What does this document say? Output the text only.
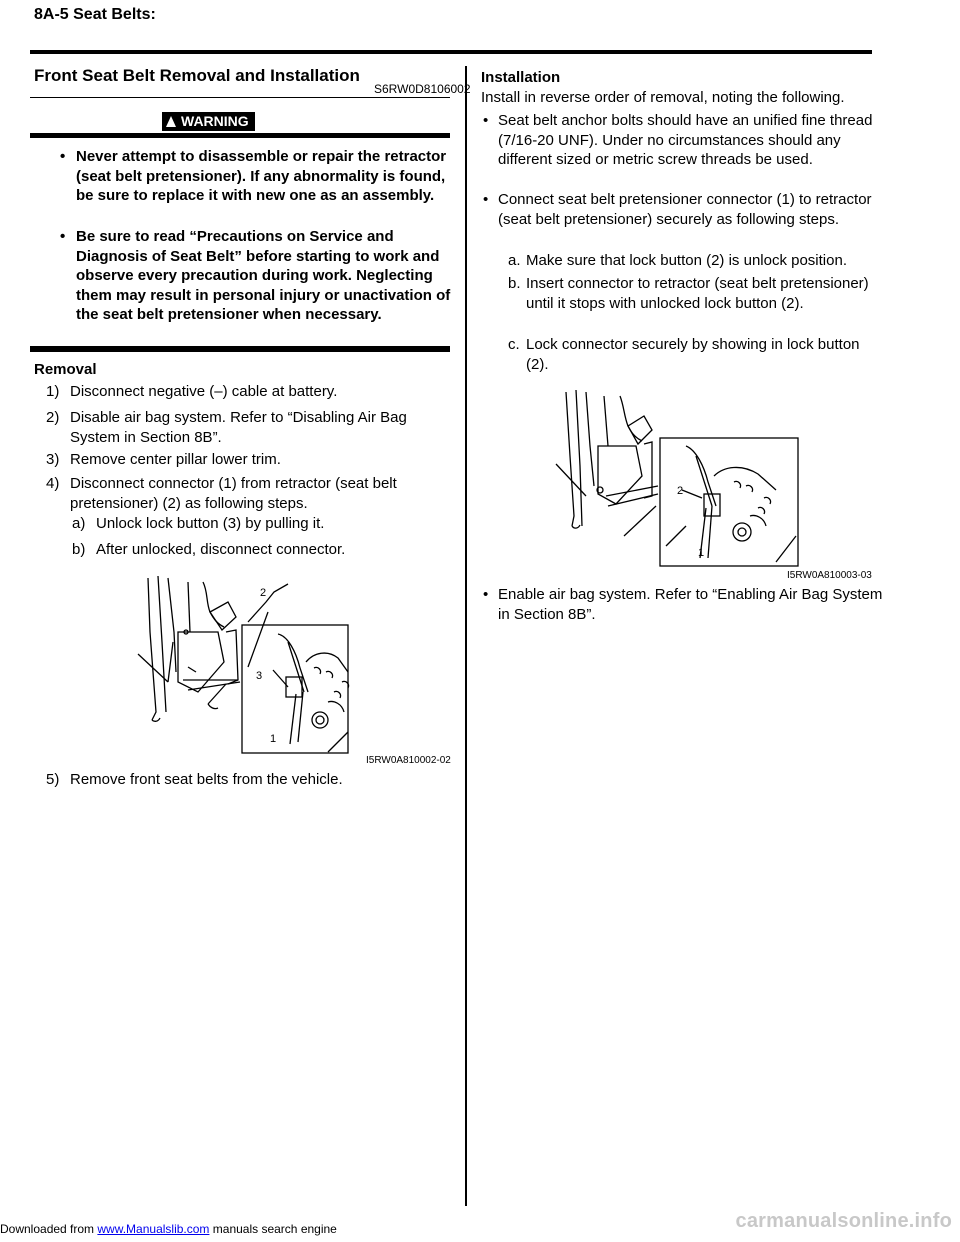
8A-5 Seat Belts:
Front Seat Belt Removal and Installation
S6RW0D8106002
WARNING
• Never attempt to disassemble or repair the retractor (seat belt pretensioner). If any abnormality is found, be sure to replace it with new one as an assembly.
• Be sure to read “Precautions on Service and Diagnosis of Seat Belt” before starting to work and observe every precaution during work. Neglecting them may result in personal injury or unactivation of the seat belt pretensioner when necessary.
Removal
1) Disconnect negative (–) cable at battery.
2) Disable air bag system. Refer to “Disabling Air Bag System in Section 8B”.
3) Remove center pillar lower trim.
4) Disconnect connector (1) from retractor (seat belt pretensioner) (2) as following steps.
a) Unlock lock button (3) by pulling it.
b) After unlocked, disconnect connector.
2
3
1
I5RW0A810002-02
5) Remove front seat belts from the vehicle.
Installation
Install in reverse order of removal, noting the following.
• Seat belt anchor bolts should have an unified fine thread (7/16-20 UNF). Under no circumstances should any different sized or metric screw threads be used.
• Connect seat belt pretensioner connector (1) to retractor (seat belt pretensioner) securely as following steps.
a. Make sure that lock button (2) is unlock position.
b. Insert connector to retractor (seat belt pretensioner) until it stops with unlocked lock button (2).
c. Lock connector securely by showing in lock button (2).
2
1
I5RW0A810003-03
• Enable air bag system. Refer to “Enabling Air Bag System in Section 8B”.
Downloaded from www.Manualslib.com manuals search engine	carmanualsonline.info
